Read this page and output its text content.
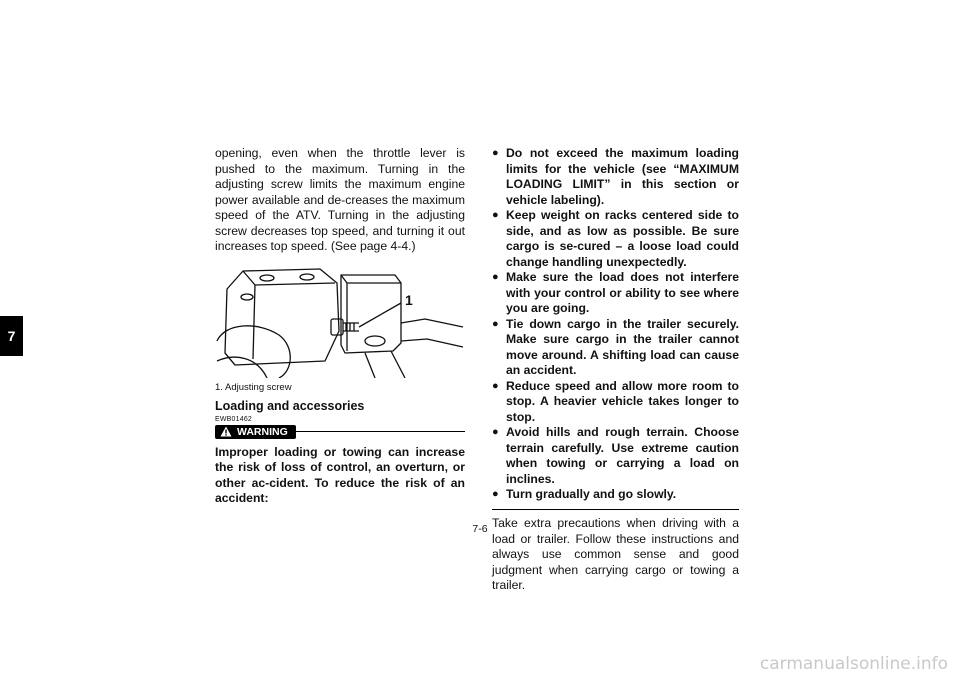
7

opening, even when the throttle lever is pushed to the maximum. Turning in the adjusting screw limits the maximum engine power available and de-creases the maximum speed of the ATV. Turning in the adjusting screw decreases top speed, and turning it out increases top speed. (See page 4-4.)

1
1. Adjusting screw
Loading and accessories
EWB01462
WARNING

Improper loading or towing can increase the risk of loss of control, an overturn, or other ac-cident. To reduce the risk of an accident:

● Do not exceed the maximum loading limits for the vehicle (see “MAXIMUM LOADING LIMIT” in this section or vehicle labeling).
● Keep weight on racks centered side to side, and as low as possible. Be sure cargo is se-cured – a loose load could change handling unexpectedly.
● Make sure the load does not interfere with your control or ability to see where you are going.
● Tie down cargo in the trailer securely. Make sure cargo in the trailer cannot move around. A shifting load can cause an accident.
● Reduce speed and allow more room to stop. A heavier vehicle takes longer to stop.
● Avoid hills and rough terrain. Choose terrain carefully. Use extreme caution when towing or carrying a load on inclines.
● Turn gradually and go slowly.

Take extra precautions when driving with a load or trailer. Follow these instructions and always use common sense and good judgment when carrying cargo or towing a trailer.

7-6
carmanualsonline.info
